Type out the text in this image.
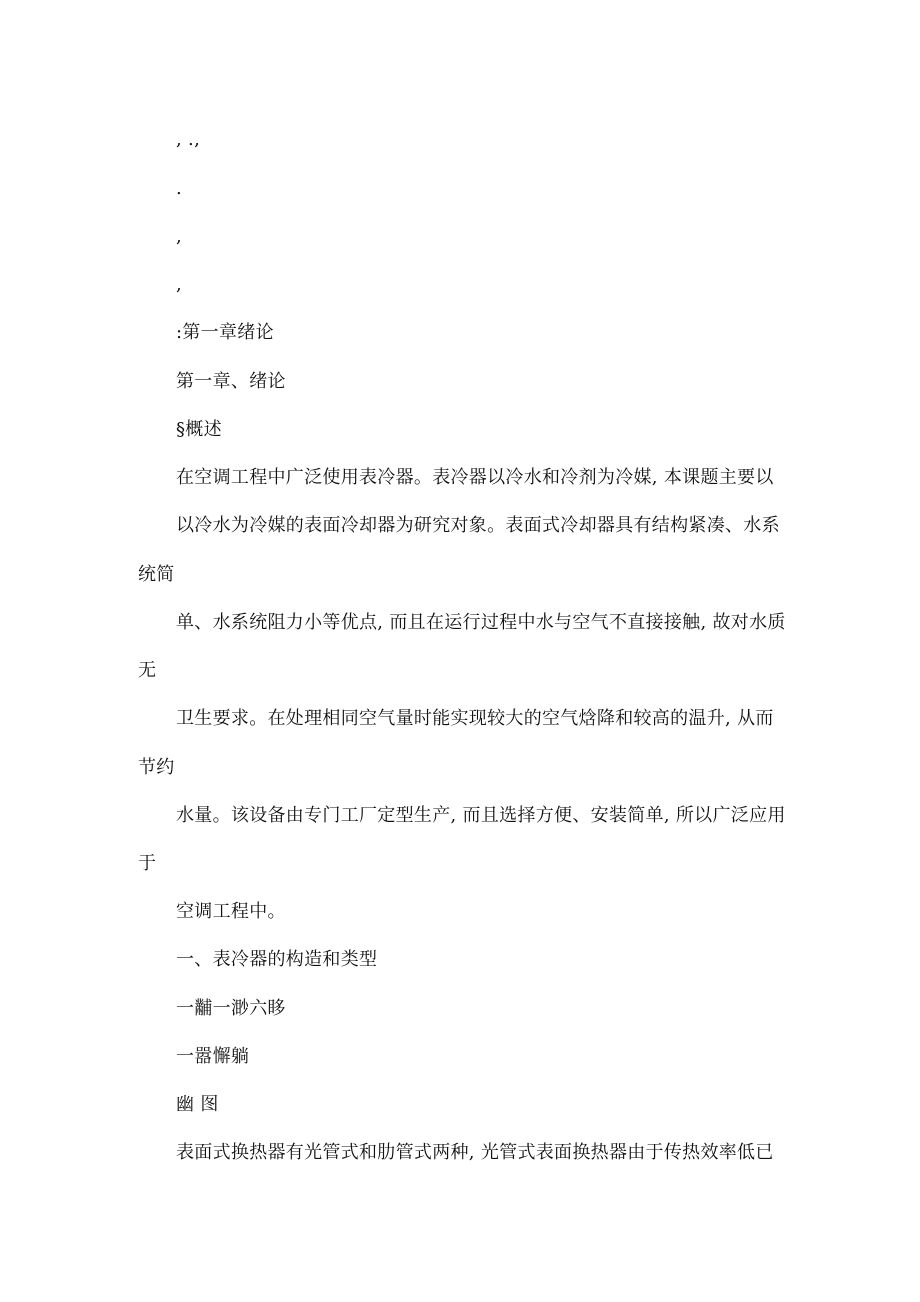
, .,
.
,
,
:第一章绪论
第一章、绪论
§概述
在空调工程中广泛使用表冷器。表冷器以冷水和冷剂为冷媒, 本课题主要以
以冷水为冷媒的表面冷却器为研究对象。表面式冷却器具有结构紧凑、水系
统简
单、水系统阻力小等优点, 而且在运行过程中水与空气不直接接触, 故对水质
无
卫生要求。在处理相同空气量时能实现较大的空气焓降和较高的温升, 从而
节约
水量。该设备由专门工厂定型生产, 而且选择方便、安装简单, 所以广泛应用
于
空调工程中。
一、表冷器的构造和类型
一黼一渺六眵
一嚣懈躺
幽 图
表面式换热器有光管式和肋管式两种, 光管式表面换热器由于传热效率低已
